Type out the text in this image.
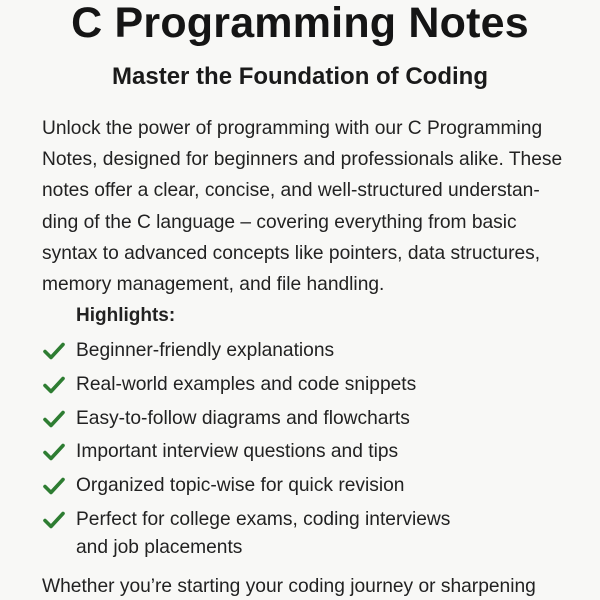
C Programming Notes
Master the Foundation of Coding

Unlock the power of programming with our C Programming
Notes, designed for beginners and professionals alike. These
notes offer a clear, concise, and well-structured understan-
ding of the C language – covering everything from basic
syntax to advanced concepts like pointers, data structures,
memory management, and file handling.

Highlights:
Beginner-friendly explanations
Real-world examples and code snippets
Easy-to-follow diagrams and flowcharts
Important interview questions and tips
Organized topic-wise for quick revision
Perfect for college exams, coding interviews
and job placements

Whether you’re starting your coding journey or sharpening
